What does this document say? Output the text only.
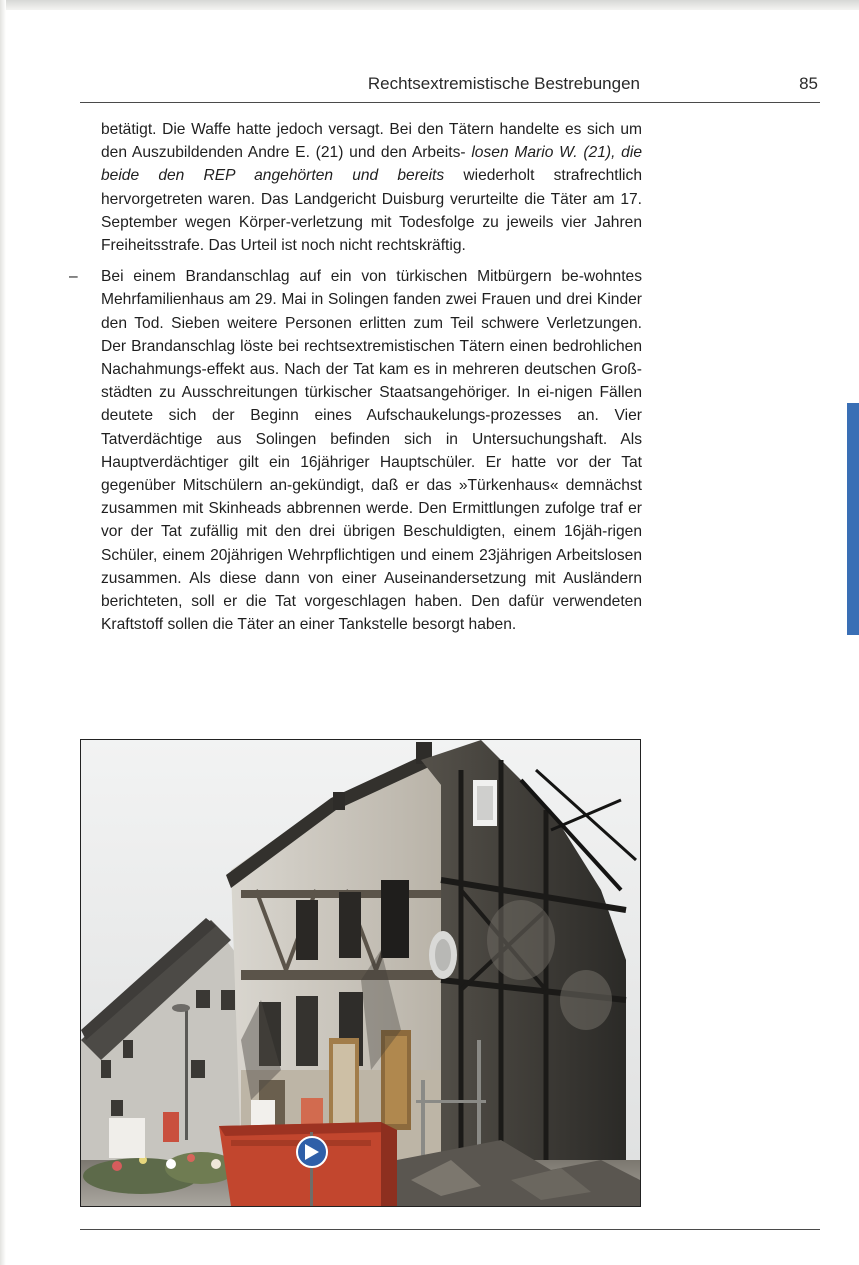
Rechtsextremistische Bestrebungen	85

betätigt. Die Waffe hatte jedoch versagt. Bei den Tätern handelte es sich um den Auszubildenden Andre E. (21) und den Arbeits- losen Mario W. (21), die beide den REP angehörten und bereits wiederholt strafrechtlich hervorgetreten waren. Das Landgericht Duisburg verurteilte die Täter am 17. September wegen Körper-verletzung mit Todesfolge zu jeweils vier Jahren Freiheitsstrafe. Das Urteil ist noch nicht rechtskräftig.

– Bei einem Brandanschlag auf ein von türkischen Mitbürgern be-wohntes Mehrfamilienhaus am 29. Mai in Solingen fanden zwei Frauen und drei Kinder den Tod. Sieben weitere Personen erlitten zum Teil schwere Verletzungen. Der Brandanschlag löste bei rechtsextremistischen Tätern einen bedrohlichen Nachahmungs-effekt aus. Nach der Tat kam es in mehreren deutschen Groß-städten zu Ausschreitungen türkischer Staatsangehöriger. In ei-nigen Fällen deutete sich der Beginn eines Aufschaukelungs-prozesses an. Vier Tatverdächtige aus Solingen befinden sich in Untersuchungshaft. Als Hauptverdächtiger gilt ein 16jähriger Hauptschüler. Er hatte vor der Tat gegenüber Mitschülern an-gekündigt, daß er das »Türkenhaus« demnächst zusammen mit Skinheads abbrennen werde. Den Ermittlungen zufolge traf er vor der Tat zufällig mit den drei übrigen Beschuldigten, einem 16jäh-rigen Schüler, einem 20jährigen Wehrpflichtigen und einem 23jährigen Arbeitslosen zusammen. Als diese dann von einer Auseinandersetzung mit Ausländern berichteten, soll er die Tat vorgeschlagen haben. Den dafür verwendeten Kraftstoff sollen die Täter an einer Tankstelle besorgt haben.
